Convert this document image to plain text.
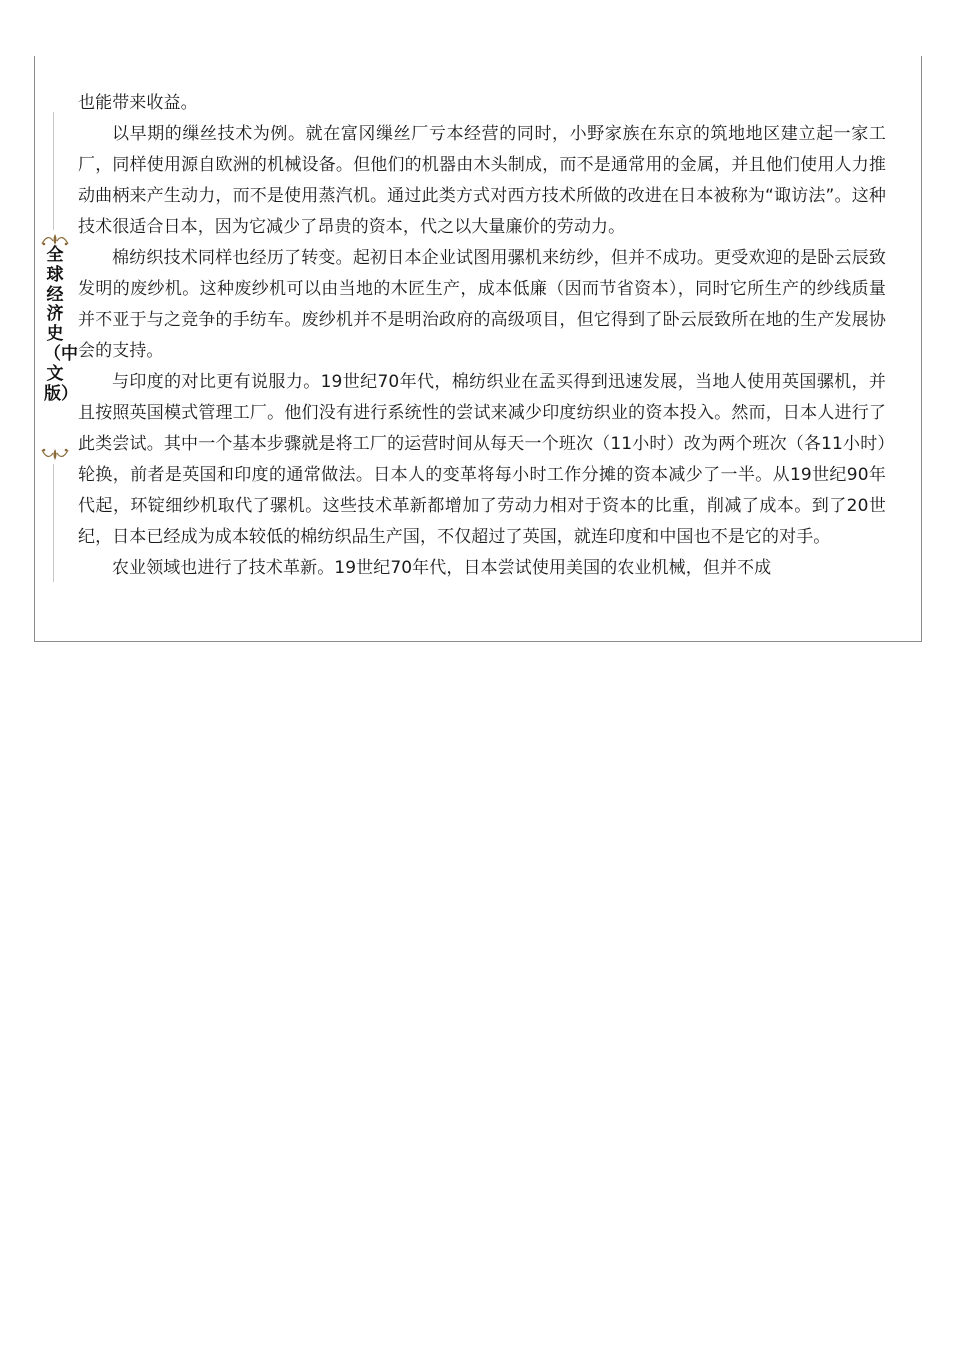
全球经济史（中文版）

也能带来收益。

以早期的缫丝技术为例。就在富冈缫丝厂亏本经营的同时，小野家族在东京的筑地地区建立起一家工厂，同样使用源自欧洲的机械设备。但他们的机器由木头制成，而不是通常用的金属，并且他们使用人力推动曲柄来产生动力，而不是使用蒸汽机。通过此类方式对西方技术所做的改进在日本被称为“诹访法”。这种技术很适合日本，因为它减少了昂贵的资本，代之以大量廉价的劳动力。

棉纺织技术同样也经历了转变。起初日本企业试图用骡机来纺纱，但并不成功。更受欢迎的是卧云辰致发明的废纱机。这种废纱机可以由当地的木匠生产，成本低廉（因而节省资本），同时它所生产的纱线质量并不亚于与之竞争的手纺车。废纱机并不是明治政府的高级项目，但它得到了卧云辰致所在地的生产发展协会的支持。

与印度的对比更有说服力。19世纪70年代，棉纺织业在孟买得到迅速发展，当地人使用英国骡机，并且按照英国模式管理工厂。他们没有进行系统性的尝试来减少印度纺织业的资本投入。然而，日本人进行了此类尝试。其中一个基本步骤就是将工厂的运营时间从每天一个班次（11小时）改为两个班次（各11小时）轮换，前者是英国和印度的通常做法。日本人的变革将每小时工作分摊的资本减少了一半。从19世纪90年代起，环锭细纱机取代了骡机。这些技术革新都增加了劳动力相对于资本的比重，削减了成本。到了20世纪，日本已经成为成本较低的棉纺织品生产国，不仅超过了英国，就连印度和中国也不是它的对手。

农业领域也进行了技术革新。19世纪70年代，日本尝试使用美国的农业机械，但并不成
